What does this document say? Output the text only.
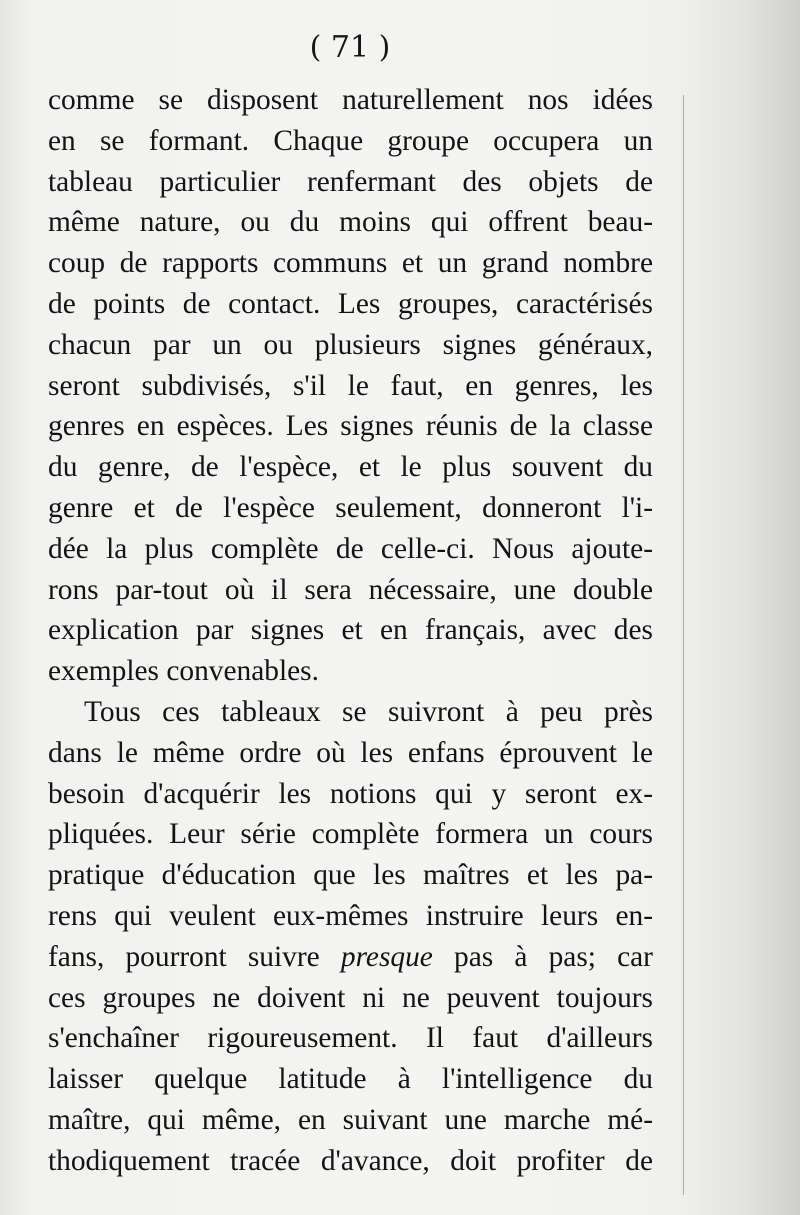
( 71 )
comme se disposent naturellement nos idées
en se formant. Chaque groupe occupera un
tableau particulier renfermant des objets de
même nature, ou du moins qui offrent beau-
coup de rapports communs et un grand nombre
de points de contact. Les groupes, caractérisés
chacun par un ou plusieurs signes généraux,
seront subdivisés, s'il le faut, en genres, les
genres en espèces. Les signes réunis de la classe
du genre, de l'espèce, et le plus souvent du
genre et de l'espèce seulement, donneront l'i-
dée la plus complète de celle-ci. Nous ajoute-
rons par-tout où il sera nécessaire, une double
explication par signes et en français, avec des
exemples convenables.
Tous ces tableaux se suivront à peu près
dans le même ordre où les enfans éprouvent le
besoin d'acquérir les notions qui y seront ex-
pliquées. Leur série complète formera un cours
pratique d'éducation que les maîtres et les pa-
rens qui veulent eux-mêmes instruire leurs en-
fans, pourront suivre presque pas à pas; car
ces groupes ne doivent ni ne peuvent toujours
s'enchaîner rigoureusement. Il faut d'ailleurs
laisser quelque latitude à l'intelligence du
maître, qui même, en suivant une marche mé-
thodiquement tracée d'avance, doit profiter de
